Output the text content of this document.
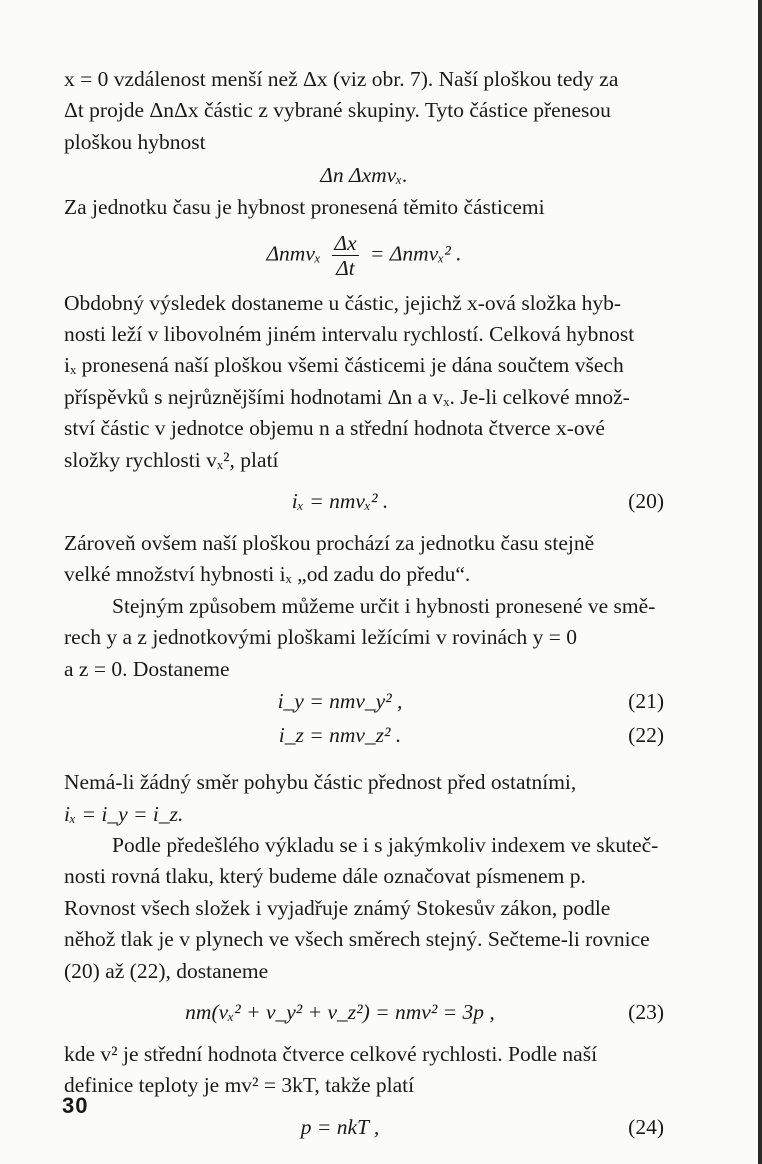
x = 0 vzdálenost menší než Δx (viz obr. 7). Naší ploškou tedy za

Δt projde ΔnΔx částic z vybrané skupiny. Tyto částice přenesou

ploškou hybnost

Δn Δxmvₓ.

Za jednotku času je hybnost pronesená těmito částicemi

Δnmvₓ $\frac{\Delta x}{\Delta t} = \Delta nmv_x^2$ .

Obdobný výsledek dostaneme u částic, jejichž x-ová složka hyb-

nosti leží v libovolném jiném intervalu rychlostí. Celková hybnost

iₓ pronesená naší ploškou všemi částicemi je dána součtem všech

příspěvků s nejrůznějšími hodnotami Δn a vₓ. Je-li celkové množ-

ství částic v jednotce objemu n a střední hodnota čtverce x-ové

složky rychlosti vₓ², platí

iₓ = nmvₓ² .	(20)

Zároveň ovšem naší ploškou prochází za jednotku času stejně

velké množství hybnosti iₓ „od zadu do předu“.

Stejným způsobem můžeme určit i hybnosti pronesené ve smě-

rech y a z jednotkovými ploškami ležícími v rovinách y = 0

a z = 0. Dostaneme

i_y = nmv_y² ,	(21)
i_z = nmv_z² .	(22)

Nemá-li žádný směr pohybu částic přednost před ostatními,

iₓ = i_y = i_z.

Podle předešlého výkladu se i s jakýmkoliv indexem ve skuteč-

nosti rovná tlaku, který budeme dále označovat písmenem p.

Rovnost všech složek i vyjadřuje známý Stokesův zákon, podle

něhož tlak je v plynech ve všech směrech stejný. Sečteme-li rovnice

(20) až (22), dostaneme

nm(vₓ² + v_y² + v_z²) = nmv² = 3p ,	(23)

kde v² je střední hodnota čtverce celkové rychlosti. Podle naší

definice teploty je mv² = 3kT, takže platí

p = nkT ,	(24)
30
